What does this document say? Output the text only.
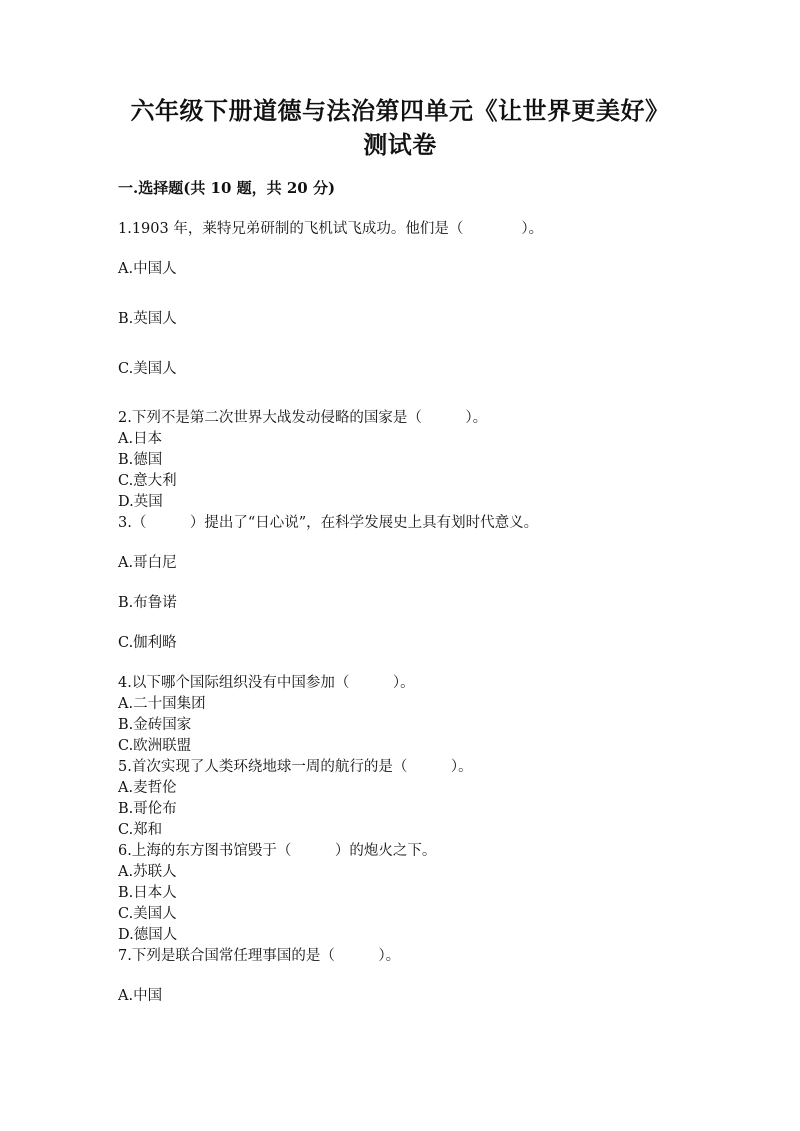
六年级下册道德与法治第四单元《让世界更美好》
测试卷
一.选择题(共 10 题，共 20 分)
1.1903 年，莱特兄弟研制的飞机试飞成功。他们是（　　　　）。
A.中国人
B.英国人
C.美国人
2.下列不是第二次世界大战发动侵略的国家是（　　　）。
A.日本
B.德国
C.意大利
D.英国
3.（　　　）提出了“日心说”，在科学发展史上具有划时代意义。
A.哥白尼
B.布鲁诺
C.伽利略
4.以下哪个国际组织没有中国参加（　　　）。
A.二十国集团
B.金砖国家
C.欧洲联盟
5.首次实现了人类环绕地球一周的航行的是（　　　）。
A.麦哲伦
B.哥伦布
C.郑和
6.上海的东方图书馆毁于（　　　）的炮火之下。
A.苏联人
B.日本人
C.美国人
D.德国人
7.下列是联合国常任理事国的是（　　　）。
A.中国
